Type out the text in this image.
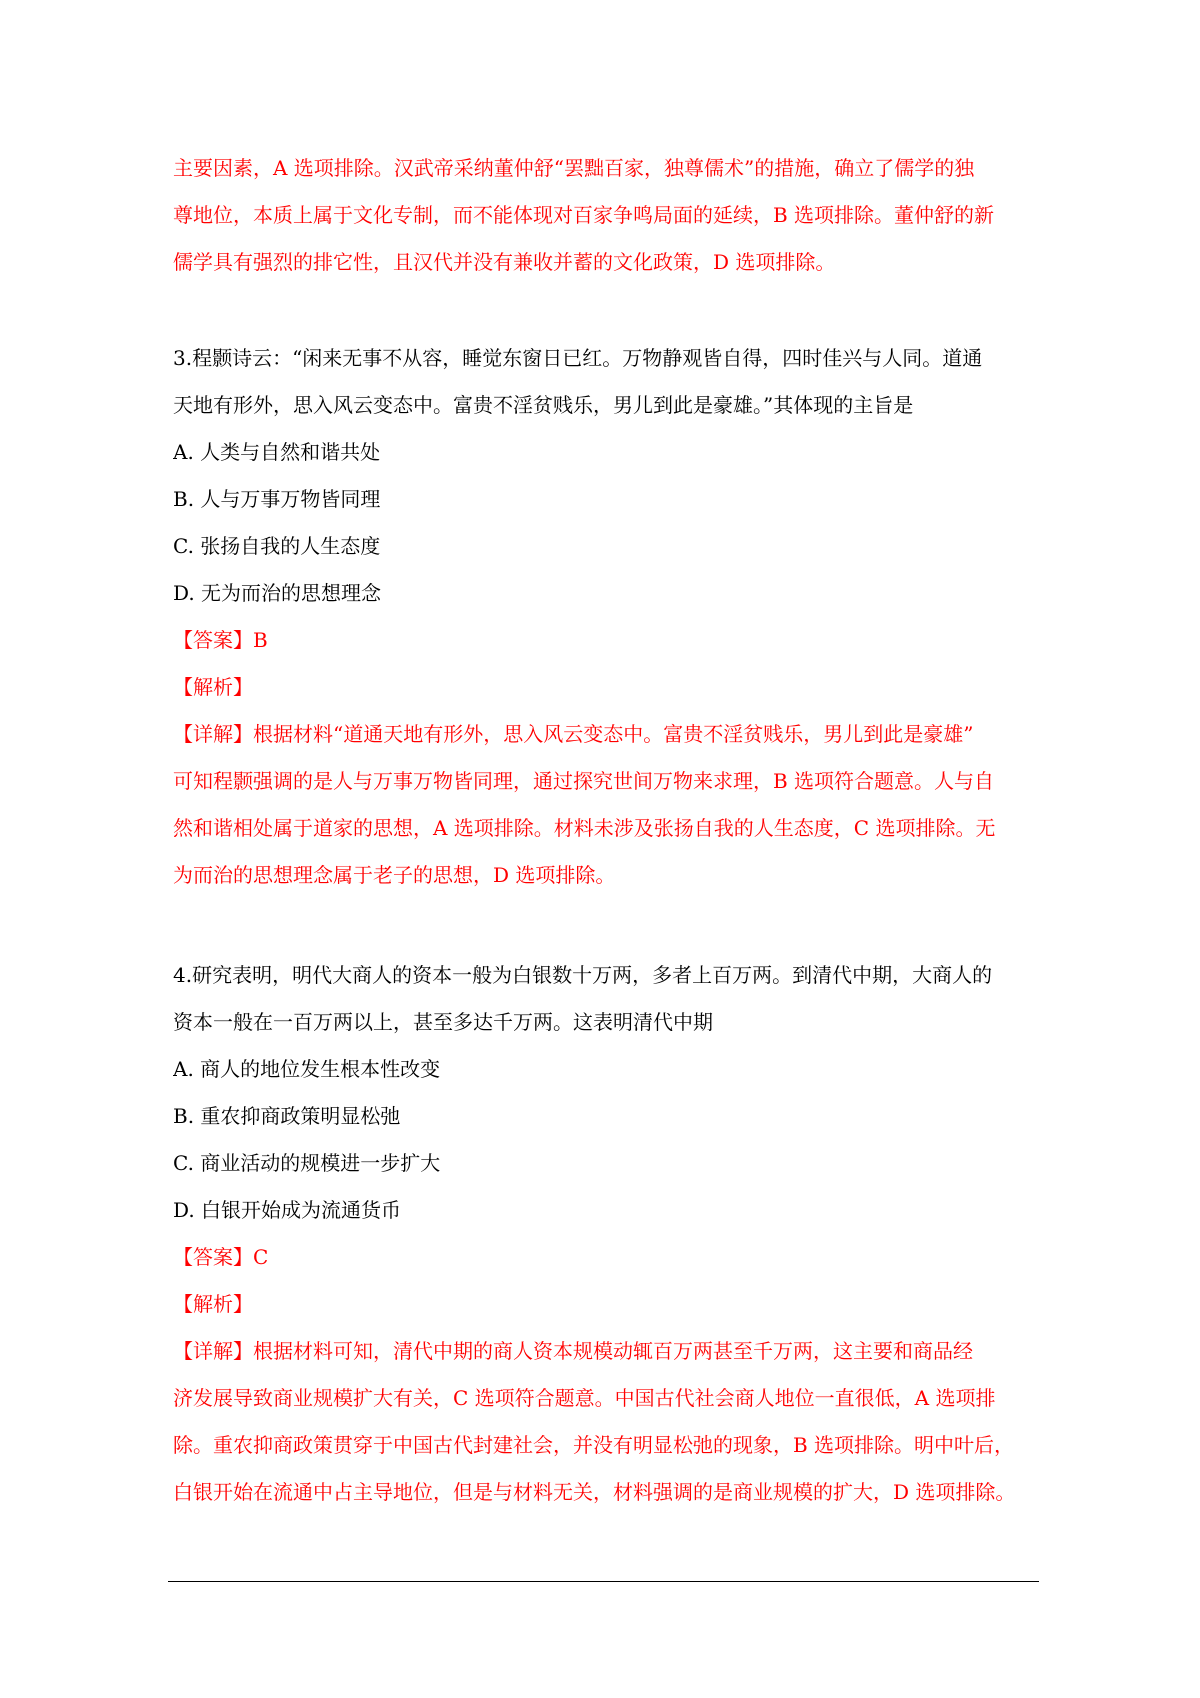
主要因素，A 选项排除。汉武帝采纳董仲舒“罢黜百家，独尊儒术”的措施，确立了儒学的独
尊地位，本质上属于文化专制，而不能体现对百家争鸣局面的延续，B 选项排除。董仲舒的新
儒学具有强烈的排它性，且汉代并没有兼收并蓄的文化政策，D 选项排除。
3.程颢诗云：“闲来无事不从容，睡觉东窗日已红。万物静观皆自得，四时佳兴与人同。道通
天地有形外，思入风云变态中。富贵不淫贫贱乐，男儿到此是豪雄。”其体现的主旨是
A. 人类与自然和谐共处
B. 人与万事万物皆同理
C. 张扬自我的人生态度
D. 无为而治的思想理念
【答案】B
【解析】
【详解】根据材料“道通天地有形外，思入风云变态中。富贵不淫贫贱乐，男儿到此是豪雄”
可知程颢强调的是人与万事万物皆同理，通过探究世间万物来求理，B 选项符合题意。人与自
然和谐相处属于道家的思想，A 选项排除。材料未涉及张扬自我的人生态度，C 选项排除。无
为而治的思想理念属于老子的思想，D 选项排除。
4.研究表明，明代大商人的资本一般为白银数十万两，多者上百万两。到清代中期，大商人的
资本一般在一百万两以上，甚至多达千万两。这表明清代中期
A. 商人的地位发生根本性改变
B. 重农抑商政策明显松弛
C. 商业活动的规模进一步扩大
D. 白银开始成为流通货币
【答案】C
【解析】
【详解】根据材料可知，清代中期的商人资本规模动辄百万两甚至千万两，这主要和商品经
济发展导致商业规模扩大有关，C 选项符合题意。中国古代社会商人地位一直很低，A 选项排
除。重农抑商政策贯穿于中国古代封建社会，并没有明显松弛的现象，B 选项排除。明中叶后，
白银开始在流通中占主导地位，但是与材料无关，材料强调的是商业规模的扩大，D 选项排除。
